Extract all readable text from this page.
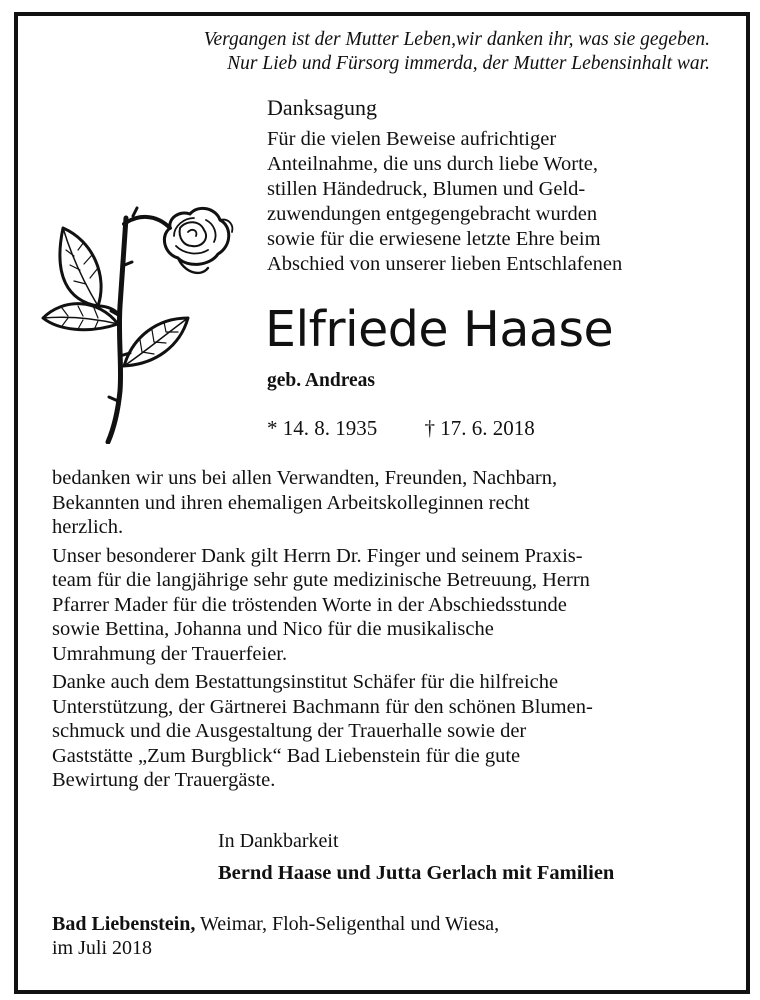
Vergangen ist der Mutter Leben,wir danken ihr, was sie gegeben.
Nur Lieb und Fürsorg immerda, der Mutter Lebensinhalt war.
Danksagung
Für die vielen Beweise aufrichtiger
Anteilnahme, die uns durch liebe Worte,
stillen Händedruck, Blumen und Geld-
zuwendungen entgegengebracht wurden
sowie für die erwiesene letzte Ehre beim
Abschied von unserer lieben Entschlafenen
Elfriede Haase
geb. Andreas
* 14. 8. 1935 † 17. 6. 2018
bedanken wir uns bei allen Verwandten, Freunden, Nachbarn,
Bekannten und ihren ehemaligen Arbeitskolleginnen recht
herzlich.
Unser besonderer Dank gilt Herrn Dr. Finger und seinem Praxis-
team für die langjährige sehr gute medizinische Betreuung, Herrn
Pfarrer Mader für die tröstenden Worte in der Abschiedsstunde
sowie Bettina, Johanna und Nico für die musikalische
Umrahmung der Trauerfeier.
Danke auch dem Bestattungsinstitut Schäfer für die hilfreiche
Unterstützung, der Gärtnerei Bachmann für den schönen Blumen-
schmuck und die Ausgestaltung der Trauerhalle sowie der
Gaststätte „Zum Burgblick“ Bad Liebenstein für die gute
Bewirtung der Trauergäste.
In Dankbarkeit
Bernd Haase und Jutta Gerlach mit Familien
Bad Liebenstein, Weimar, Floh-Seligenthal und Wiesa,
im Juli 2018
